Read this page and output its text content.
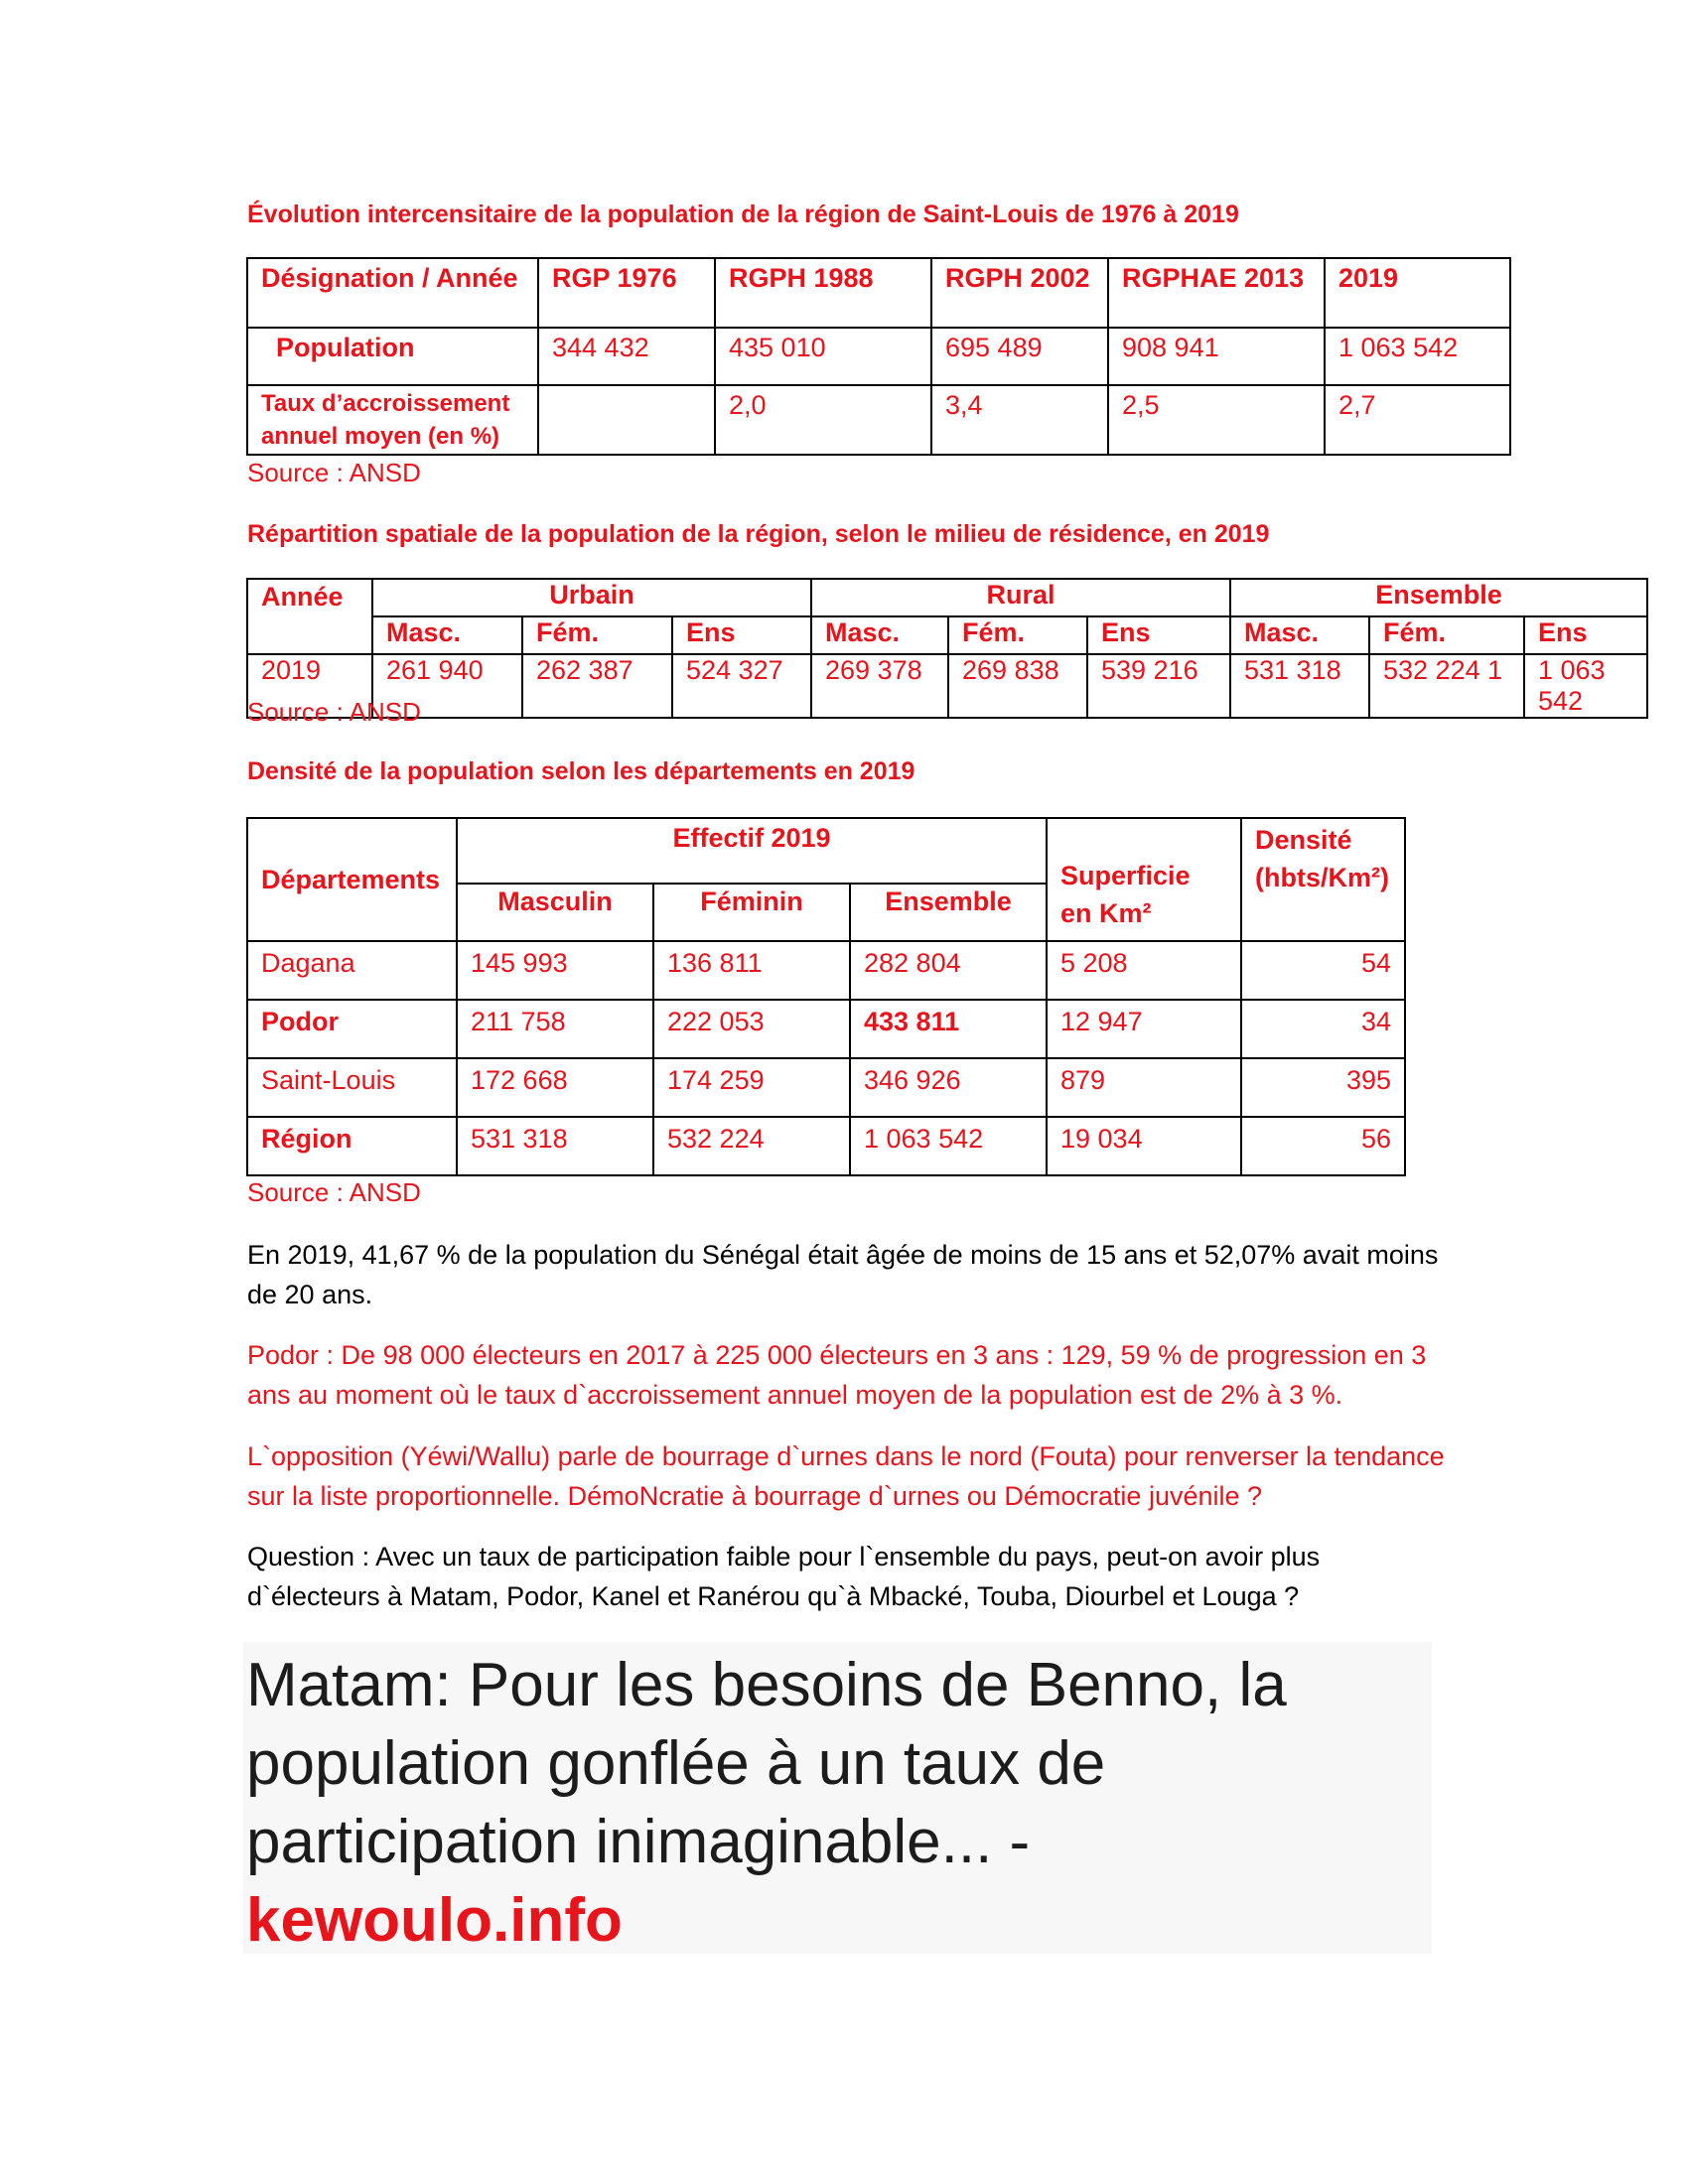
Évolution intercensitaire de la population de la région de Saint-Louis de 1976 à 2019
Désignation / Année	RGP 1976	RGPH 1988	RGPH 2002	RGPHAE 2013	2019
Population	344 432	435 010	695 489	908 941	1 063 542
Taux d’accroissement annuel moyen (en %)		2,0	3,4	2,5	2,7
Source : ANSD
Répartition spatiale de la population de la région, selon le milieu de résidence, en 2019
Année	Urbain			Rural			Ensemble		
	Masc.	Fém.	Ens	Masc.	Fém.	Ens	Masc.	Fém.	Ens
2019	261 940	262 387	524 327	269 378	269 838	539 216	531 318	532 224 1	1 063 542
Source : ANSD
Densité de la population selon les départements en 2019
Départements	Effectif 2019			Superficie en Km²	Densité (hbts/Km²)
	Masculin	Féminin	Ensemble		
Dagana	145 993	136 811	282 804	5 208	54
Podor	211 758	222 053	433 811	12 947	34
Saint-Louis	172 668	174 259	346 926	879	395
Région	531 318	532 224	1 063 542	19 034	56
Source : ANSD
En 2019, 41,67 % de la population du Sénégal était âgée de moins de 15 ans et 52,07% avait moins de 20 ans.
Podor : De 98 000 électeurs en 2017 à 225 000 électeurs en 3 ans : 129, 59 % de progression en 3 ans au moment où le taux d`accroissement annuel moyen de la population est de 2% à 3 %.
L`opposition (Yéwi/Wallu) parle de bourrage d`urnes dans le nord (Fouta) pour renverser la tendance sur la liste proportionnelle. DémoNcratie à bourrage d`urnes ou Démocratie juvénile ?
Question : Avec un taux de participation faible pour l`ensemble du pays, peut-on avoir plus d`électeurs à Matam, Podor, Kanel et Ranérou qu`à Mbacké, Touba, Diourbel et Louga ?
Matam: Pour les besoins de Benno, la population gonflée à un taux de participation inimaginable... -
kewoulo.info
